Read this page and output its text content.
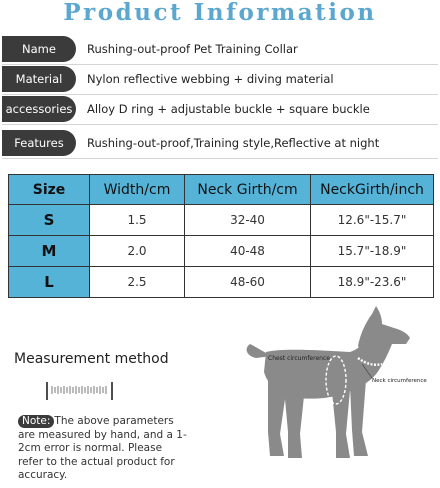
Product Information
Name	Rushing-out-proof Pet Training Collar
Material	Nylon reflective webbing + diving material
accessories	Alloy D ring + adjustable buckle + square buckle
Features	Rushing-out-proof,Training style,Reflective at night
Size	Width/cm	Neck Girth/cm	NeckGirth/inch
S	1.5	32-40	12.6"-15.7"
M	2.0	40-48	15.7"-18.9"
L	2.5	48-60	18.9"-23.6"
Measurement method
Note: The above parameters are measured by hand, and a 1-2cm error is normal. Please refer to the actual product for accuracy.
Chest circumference
Neck circumference
